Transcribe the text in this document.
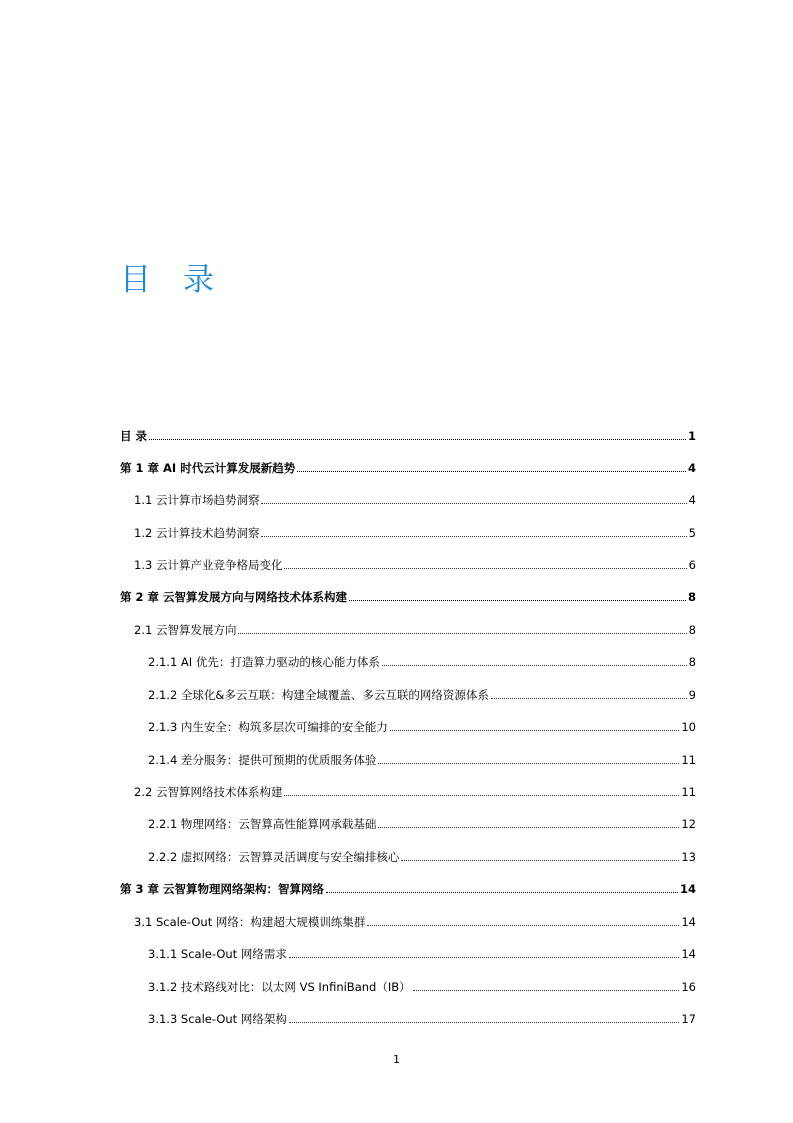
目 录
目 录	1
第 1 章 AI 时代云计算发展新趋势	4
1.1 云计算市场趋势洞察	4
1.2 云计算技术趋势洞察	5
1.3 云计算产业竞争格局变化	6
第 2 章 云智算发展方向与网络技术体系构建	8
2.1 云智算发展方向	8
2.1.1 AI 优先：打造算力驱动的核心能力体系	8
2.1.2 全球化&多云互联：构建全域覆盖、多云互联的网络资源体系	9
2.1.3 内生安全：构筑多层次可编排的安全能力	10
2.1.4 差分服务：提供可预期的优质服务体验	11
2.2 云智算网络技术体系构建	11
2.2.1 物理网络：云智算高性能算网承载基础	12
2.2.2 虚拟网络：云智算灵活调度与安全编排核心	13
第 3 章 云智算物理网络架构：智算网络	14
3.1 Scale-Out 网络：构建超大规模训练集群	14
3.1.1 Scale-Out 网络需求	14
3.1.2 技术路线对比：以太网 VS InfiniBand（IB）	16
3.1.3 Scale-Out 网络架构	17
1
